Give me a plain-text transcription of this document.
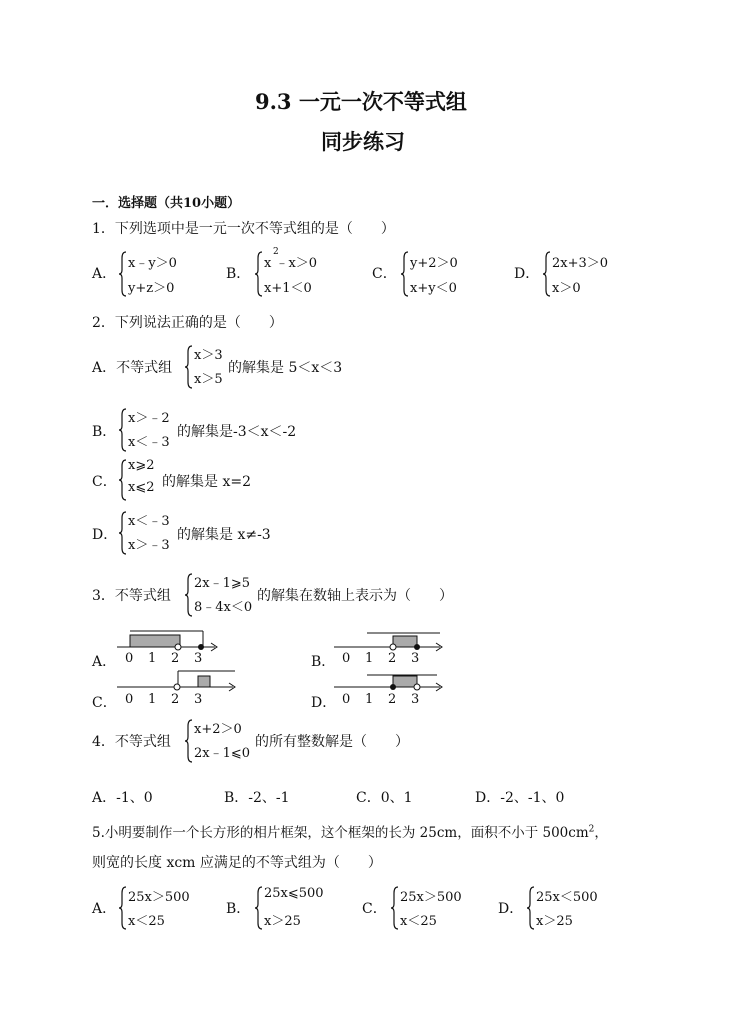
9.3 一元一次不等式组
同步练习
一．选择题（共10小题）
1．下列选项中是一元一次不等式组的是（　　）
A．
x﹣y＞0
y+z＞0
B．
x ﹣x＞0
2
x+1＜0
C．
y+2＞0
x+y＜0
D．
2x+3＞0
x＞0
2．下列说法正确的是（　　）
A．不等式组
x＞3
x＞5
的解集是 5＜x＜3
B．
x＞﹣2
x＜﹣3
的解集是-3＜x＜-2
C．
x⩾2
x⩽2 的解集是 x=2
D．
x＜﹣3
x＞﹣3
的解集是 x≠-3
3．不等式组
2x﹣1⩾5
8﹣4x＜0
的解集在数轴上表示为（　　）
A． 0 1 2 3	B． 0 1 2 3
C． 0 1 2 3	D． 0 1 2 3
4．不等式组
x+2＞0
2x﹣1⩽0
的所有整数解是（　　）
A．-1、0	B．-2、-1	C．0、1	D．-2、-1、0
5.小明要制作一个长方形的相片框架，这个框架的长为 25cm，面积不小于 $500cm^2$，
则宽的长度 xcm 应满足的不等式组为（　　）
A．
25x＞500
x＜25
B．
25x⩽500
x＞25
C．
25x＞500
x＜25
D．
25x＜500
x＞25
